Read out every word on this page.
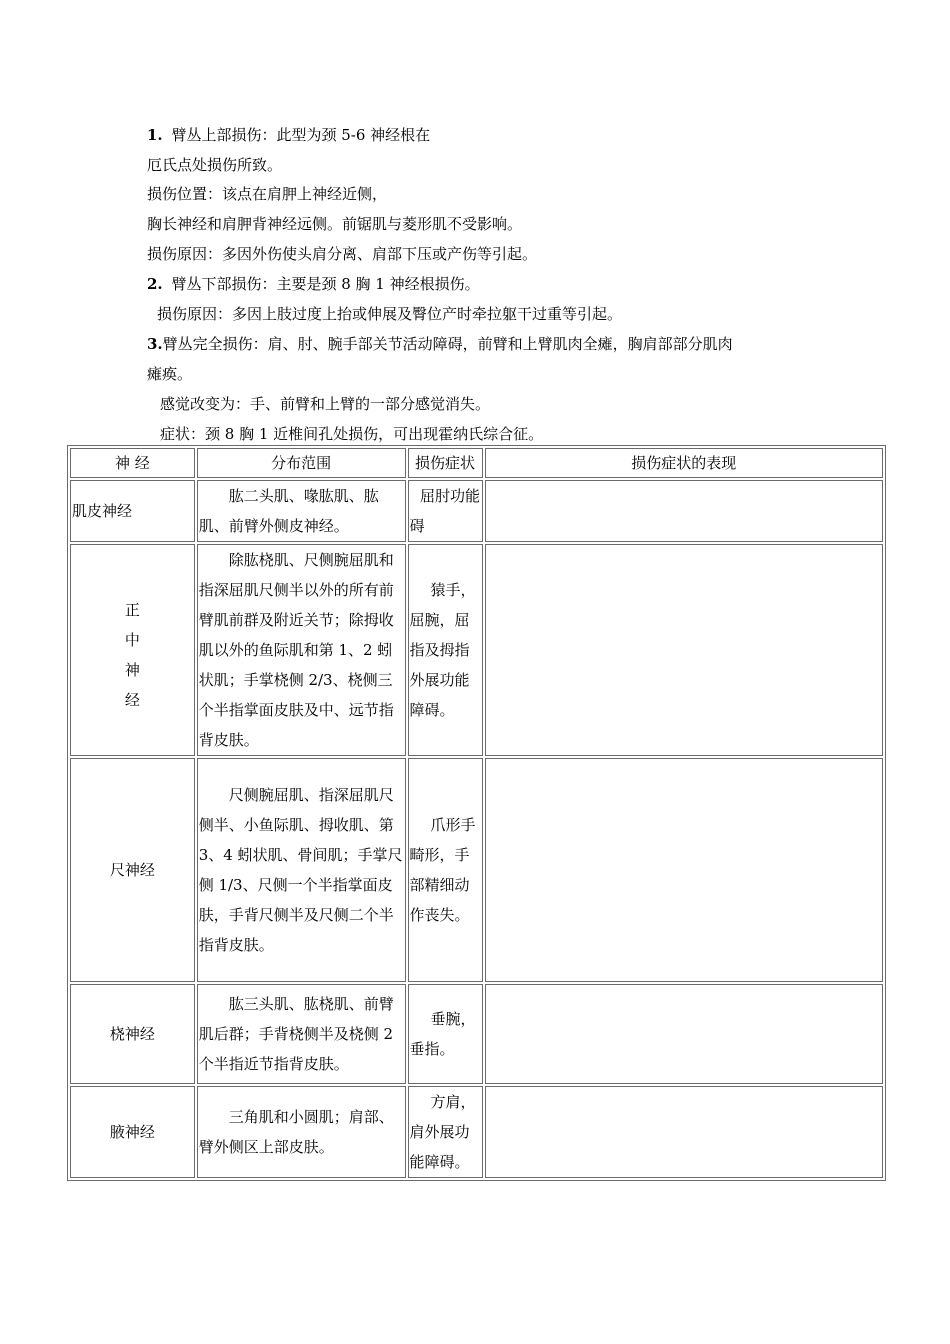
1. 臂丛上部损伤：此型为颈 5-6 神经根在
厄氏点处损伤所致。
损伤位置：该点在肩胛上神经近侧，
胸长神经和肩胛背神经远侧。前锯肌与菱形肌不受影响。
损伤原因：多因外伤使头肩分离、肩部下压或产伤等引起。
2. 臂丛下部损伤：主要是颈 8 胸 1 神经根损伤。
损伤原因：多因上肢过度上抬或伸展及臀位产时牵拉躯干过重等引起。
3.臂丛完全损伤：肩、肘、腕手部关节活动障碍，前臂和上臂肌肉全瘫，胸肩部部分肌肉
瘫痪。
感觉改变为：手、前臂和上臂的一部分感觉消失。
症状：颈 8 胸 1 近椎间孔处损伤，可出现霍纳氏综合征。
神 经	分布范围	损伤症状	损伤症状的表现
肌皮神经	肱二头肌、喙肱肌、肱肌、前臂外侧皮神经。	屈肘功能碍	

正
中
神
经	除肱桡肌、尺侧腕屈肌和指深屈肌尺侧半以外的所有前臂肌前群及附近关节；除拇收肌以外的鱼际肌和第 1、2 蚓状肌；手掌桡侧 2/3、桡侧三个半指掌面皮肤及中、远节指背皮肤。	猿手，屈腕，屈指及拇指外展功能障碍。	

尺神经	尺侧腕屈肌、指深屈肌尺侧半、小鱼际肌、拇收肌、第 3、4 蚓状肌、骨间肌；手掌尺侧 1/3、尺侧一个半指掌面皮肤，手背尺侧半及尺侧二个半指背皮肤。	爪形手畸形，手部精细动作丧失。	

桡神经	肱三头肌、肱桡肌、前臂肌后群；手背桡侧半及桡侧 2 个半指近节指背皮肤。	垂腕，垂指。	

腋神经	三角肌和小圆肌；肩部、臂外侧区上部皮肤。	方肩，肩外展功能障碍。	
